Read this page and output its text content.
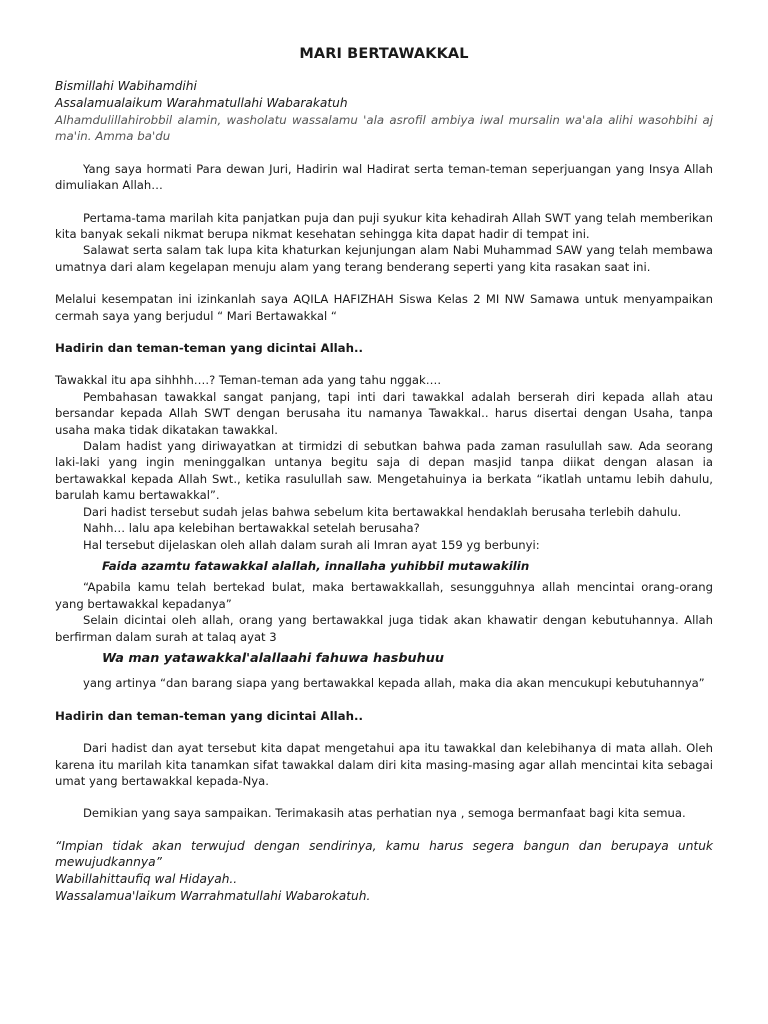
MARI BERTAWAKKAL

Bismillahi Wabihamdihi

Assalamualaikum Warahmatullahi Wabarakatuh

Alhamdulillahirobbil alamin, washolatu wassalamu 'ala asrofil ambiya iwal mursalin wa'ala alihi wasohbihi aj ma'in. Amma ba'du

Yang saya hormati Para dewan Juri, Hadirin wal Hadirat serta teman-teman seperjuangan yang Insya Allah dimuliakan Allah…

Pertama-tama marilah kita panjatkan puja dan puji syukur kita kehadirah Allah SWT yang telah memberikan kita banyak sekali nikmat berupa nikmat kesehatan sehingga kita dapat hadir di tempat ini.

Salawat serta salam tak lupa kita khaturkan kejunjungan alam Nabi Muhammad SAW yang telah membawa umatnya dari alam kegelapan menuju alam yang terang benderang seperti yang kita rasakan saat ini.

Melalui kesempatan ini izinkanlah saya AQILA HAFIZHAH Siswa Kelas 2 MI NW Samawa untuk menyampaikan cermah saya yang berjudul “ Mari Bertawakkal “

Hadirin dan teman-teman yang dicintai Allah..

Tawakkal itu apa sihhhh….? Teman-teman ada yang tahu nggak….

Pembahasan tawakkal sangat panjang, tapi inti dari tawakkal adalah berserah diri kepada allah atau bersandar kepada Allah SWT dengan berusaha itu namanya Tawakkal.. harus disertai dengan Usaha, tanpa usaha maka tidak dikatakan tawakkal.

Dalam hadist yang diriwayatkan at tirmidzi di sebutkan bahwa pada zaman rasulullah saw. Ada seorang laki-laki yang ingin meninggalkan untanya begitu saja di depan masjid tanpa diikat dengan alasan ia bertawakkal kepada Allah Swt., ketika rasulullah saw. Mengetahuinya ia berkata “ikatlah untamu lebih dahulu, barulah kamu bertawakkal”.

Dari hadist tersebut sudah jelas bahwa sebelum kita bertawakkal hendaklah berusaha terlebih dahulu.

Nahh… lalu apa kelebihan bertawakkal setelah berusaha?

Hal tersebut dijelaskan oleh allah dalam surah ali Imran ayat 159 yg berbunyi:

Faida azamtu fatawakkal alallah, innallaha yuhibbil mutawakilin

“Apabila kamu telah bertekad bulat, maka bertawakkallah, sesungguhnya allah mencintai orang-orang yang bertawakkal kepadanya”

Selain dicintai oleh allah, orang yang bertawakkal juga tidak akan khawatir dengan kebutuhannya. Allah berfirman dalam surah at talaq ayat 3

Wa man yatawakkal'alallaahi fahuwa hasbuhuu

yang artinya “dan barang siapa yang bertawakkal kepada allah, maka dia akan mencukupi kebutuhannya”

Hadirin dan teman-teman yang dicintai Allah..

Dari hadist dan ayat tersebut kita dapat mengetahui apa itu tawakkal dan kelebihanya di mata allah. Oleh karena itu marilah kita tanamkan sifat tawakkal dalam diri kita masing-masing agar allah mencintai kita sebagai umat yang bertawakkal kepada-Nya.

Demikian yang saya sampaikan. Terimakasih atas perhatian nya , semoga bermanfaat bagi kita semua.

“Impian tidak akan terwujud dengan sendirinya, kamu harus segera bangun dan berupaya untuk mewujudkannya”

Wabillahittaufiq wal Hidayah..

Wassalamua'laikum Warrahmatullahi Wabarokatuh.
